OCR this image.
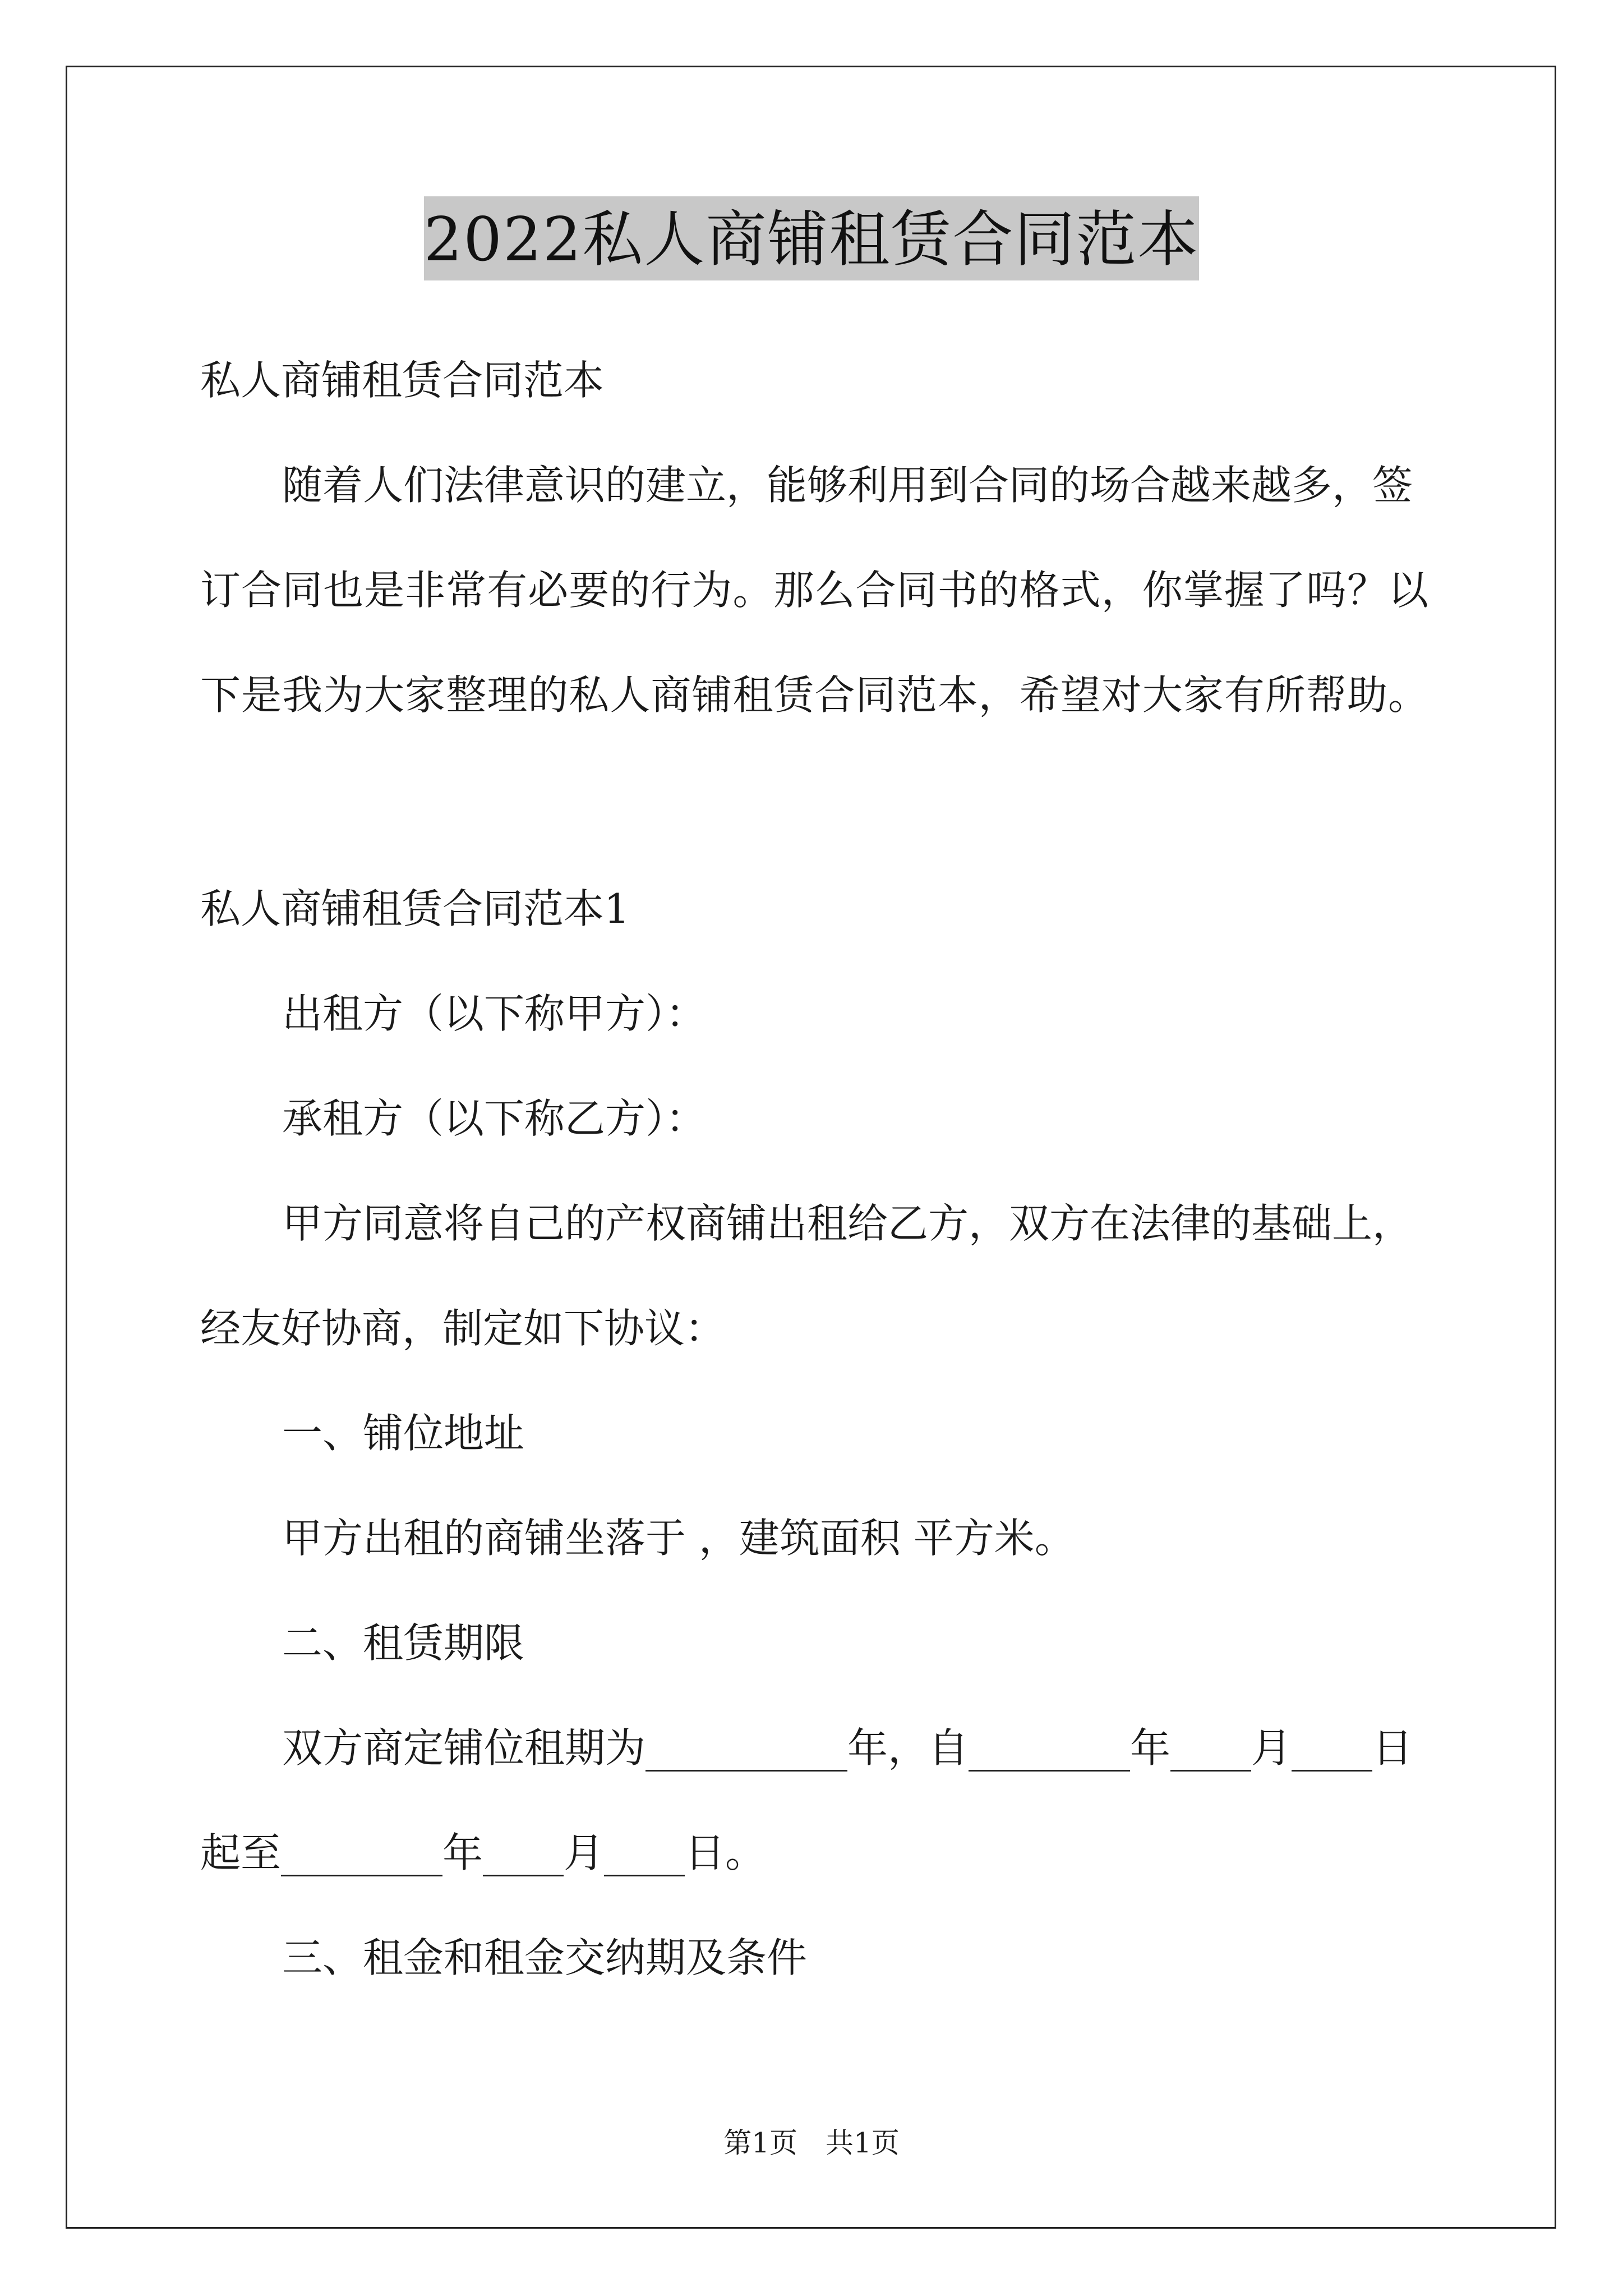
2022私人商铺租赁合同范本
私人商铺租赁合同范本
随着人们法律意识的建立，能够利用到合同的场合越来越多，签
订合同也是非常有必要的行为。那么合同书的格式，你掌握了吗？以
下是我为大家整理的私人商铺租赁合同范本，希望对大家有所帮助。
私人商铺租赁合同范本1
出租方（以下称甲方）：
承租方（以下称乙方）：
甲方同意将自己的产权商铺出租给乙方，双方在法律的基础上，
经友好协商，制定如下协议：
一、铺位地址
甲方出租的商铺坐落于 ，建筑面积 平方米。
二、租赁期限
双方商定铺位租期为__________年，自________年____月____日
起至________年____月____日。
三、租金和租金交纳期及条件
第1页　共1页
